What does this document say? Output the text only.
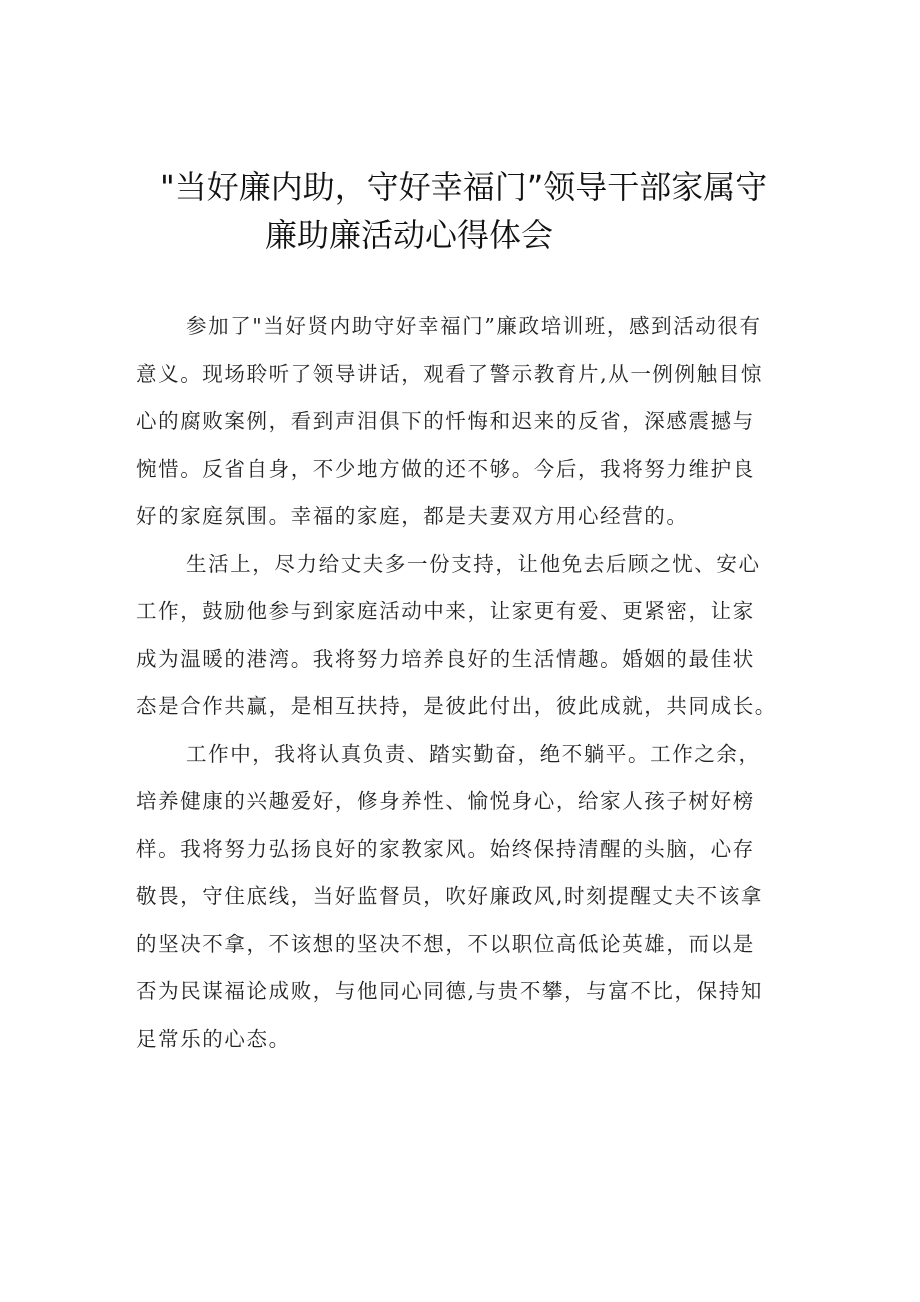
"当好廉内助，守好幸福门”领导干部家属守
廉助廉活动心得体会
参加了"当好贤内助守好幸福门”廉政培训班，感到活动很有
意义。现场聆听了领导讲话，观看了警示教育片,从一例例触目惊
心的腐败案例，看到声泪俱下的忏悔和迟来的反省，深感震撼与
惋惜。反省自身，不少地方做的还不够。今后，我将努力维护良
好的家庭氛围。幸福的家庭，都是夫妻双方用心经营的。
生活上，尽力给丈夫多一份支持，让他免去后顾之忧、安心
工作，鼓励他参与到家庭活动中来，让家更有爱、更紧密，让家
成为温暖的港湾。我将努力培养良好的生活情趣。婚姻的最佳状
态是合作共赢，是相互扶持，是彼此付出，彼此成就，共同成长。
工作中，我将认真负责、踏实勤奋，绝不躺平。工作之余，
培养健康的兴趣爱好，修身养性、愉悦身心，给家人孩子树好榜
样。我将努力弘扬良好的家教家风。始终保持清醒的头脑，心存
敬畏，守住底线，当好监督员，吹好廉政风,时刻提醒丈夫不该拿
的坚决不拿，不该想的坚决不想，不以职位高低论英雄，而以是
否为民谋福论成败，与他同心同德,与贵不攀，与富不比，保持知
足常乐的心态。
